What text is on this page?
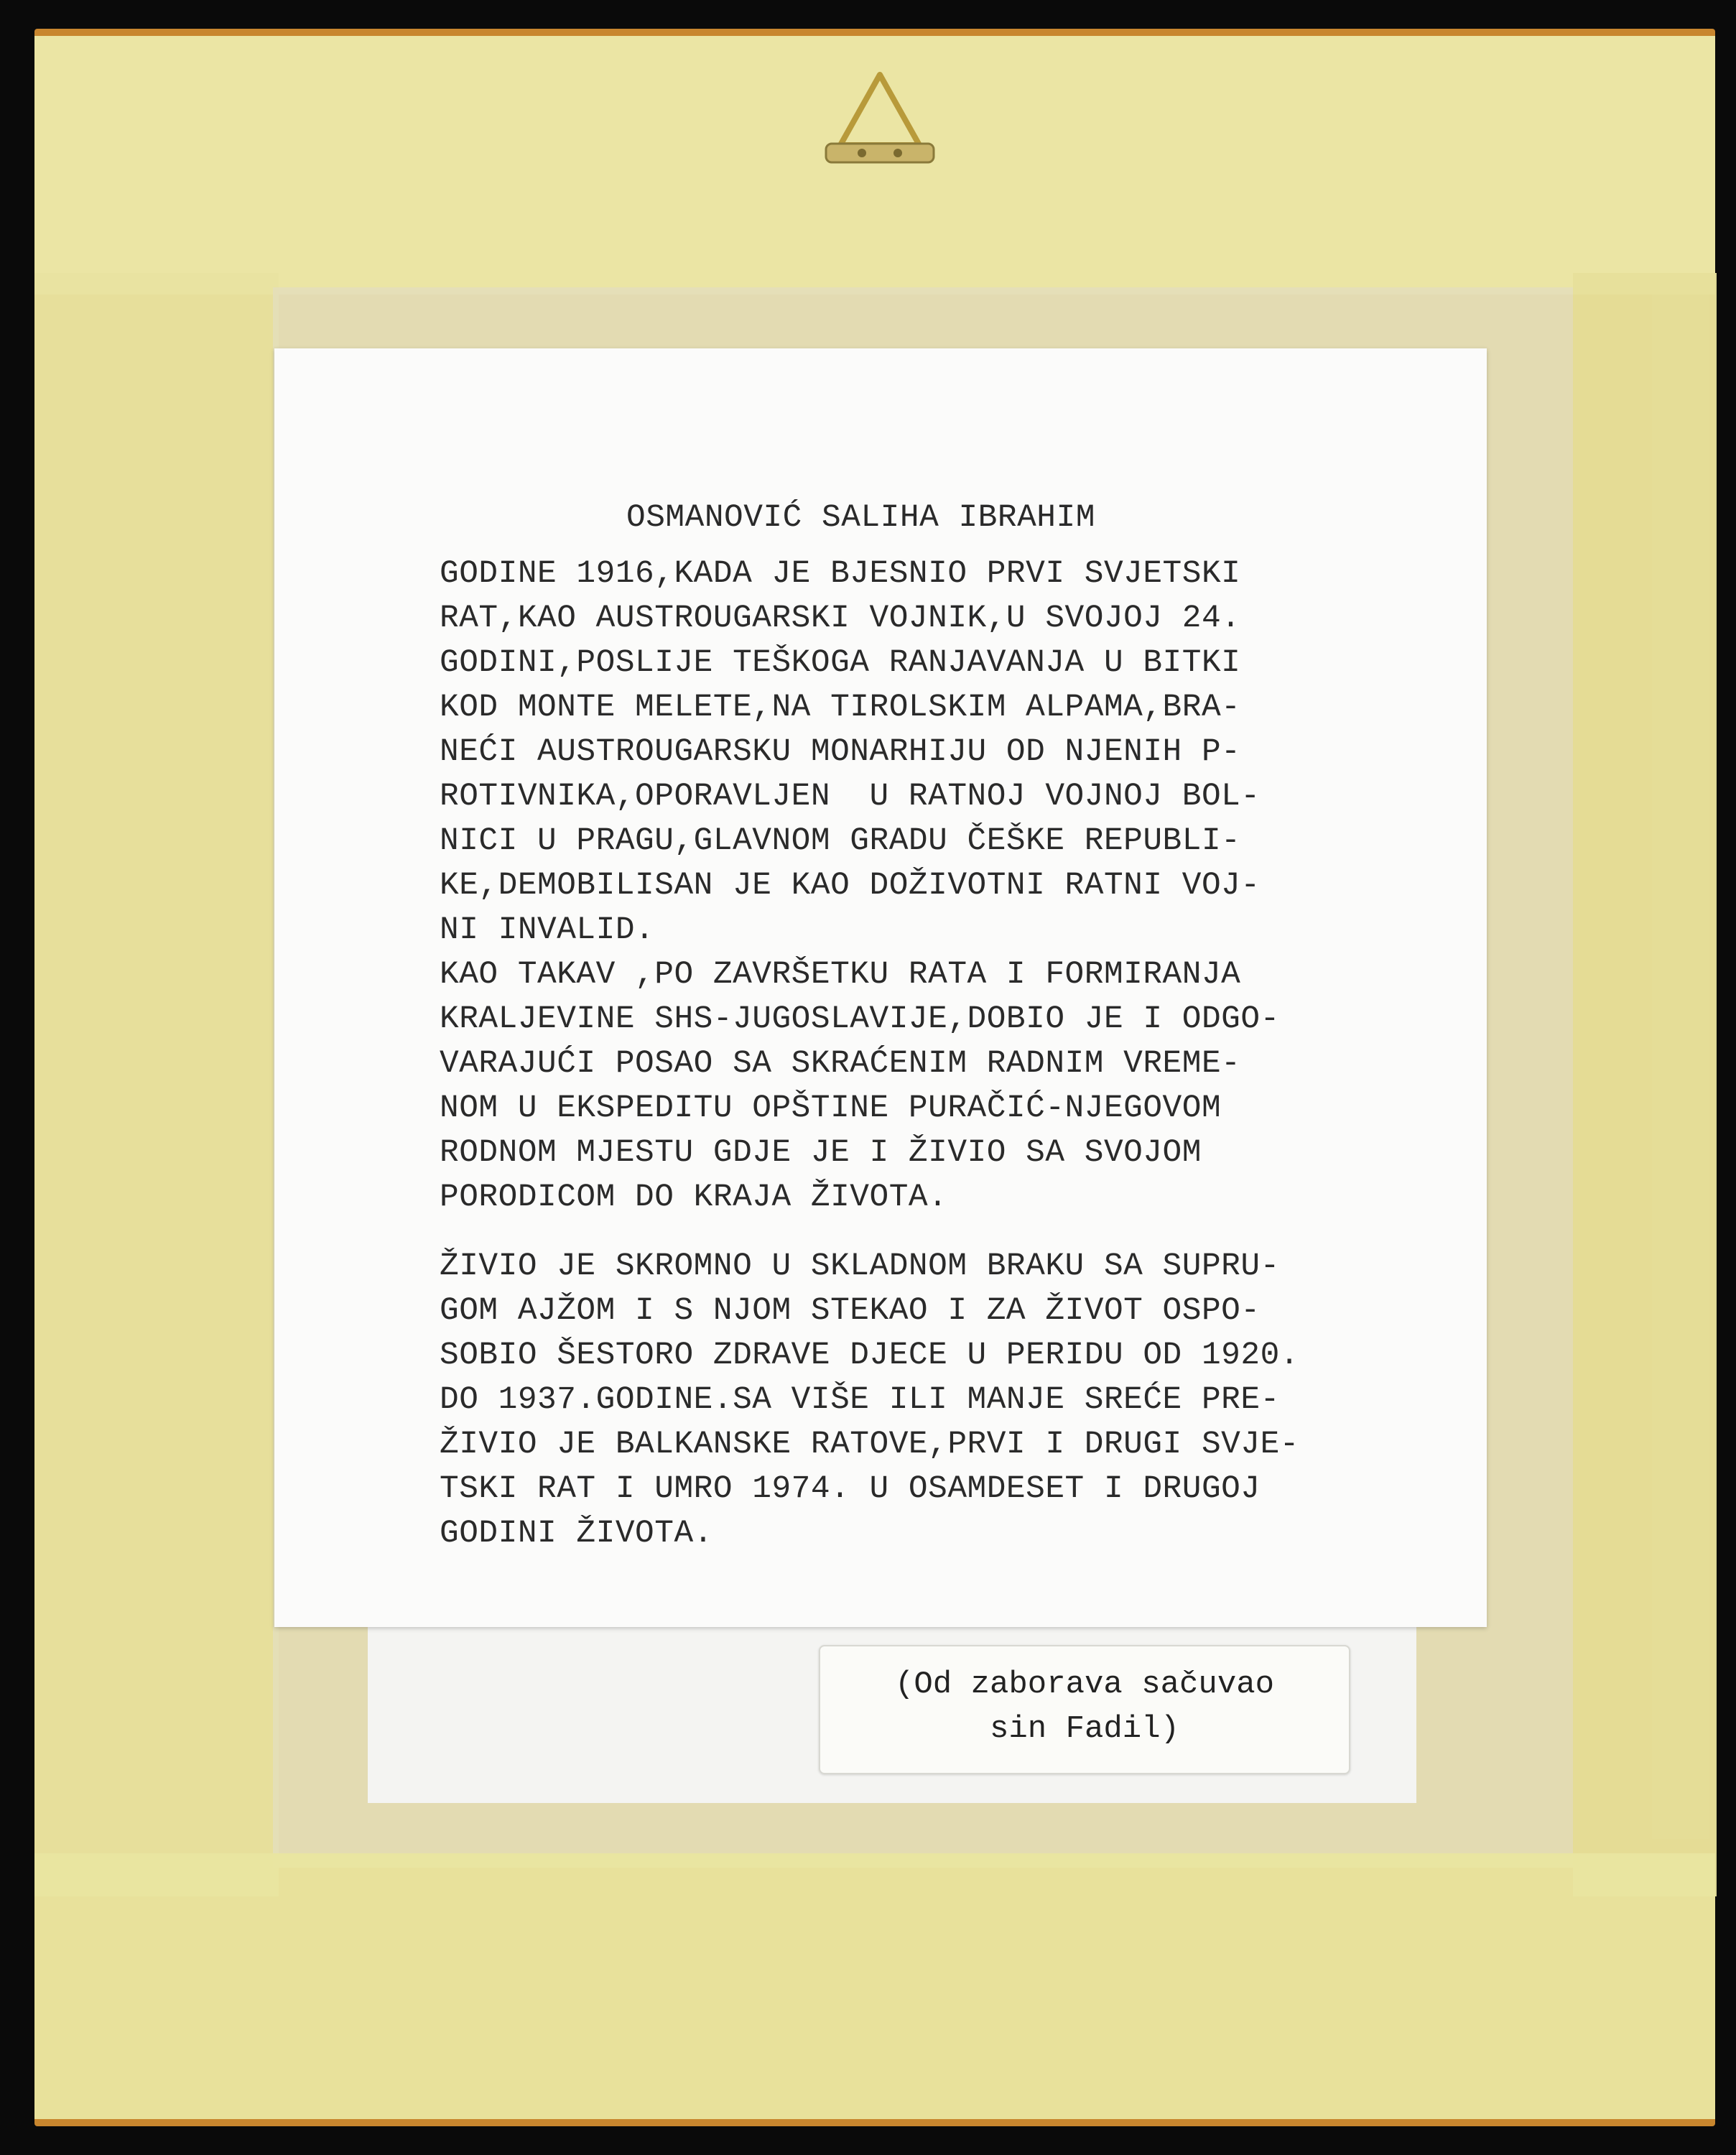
(Od zaborava sačuvao
sin Fadil)
OSMANOVIĆ SALIHA IBRAHIM
GODINE 1916,KADA JE BJESNIO PRVI SVJETSKI
RAT,KAO AUSTROUGARSKI VOJNIK,U SVOJOJ 24.
GODINI,POSLIJE TEŠKOGA RANJAVANJA U BITKI
KOD MONTE MELETE,NA TIROLSKIM ALPAMA,BRA-
NEĆI AUSTROUGARSKU MONARHIJU OD NJENIH P-
ROTIVNIKA,OPORAVLJEN  U RATNOJ VOJNOJ BOL-
NICI U PRAGU,GLAVNOM GRADU ČEŠKE REPUBLI-
KE,DEMOBILISAN JE KAO DOŽIVOTNI RATNI VOJ-
NI INVALID.
KAO TAKAV ,PO ZAVRŠETKU RATA I FORMIRANJA
KRALJEVINE SHS-JUGOSLAVIJE,DOBIO JE I ODGO-
VARAJUĆI POSAO SA SKRAĆENIM RADNIM VREME-
NOM U EKSPEDITU OPŠTINE PURAČIĆ-NJEGOVOM
RODNOM MJESTU GDJE JE I ŽIVIO SA SVOJOM
PORODICOM DO KRAJA ŽIVOTA.
ŽIVIO JE SKROMNO U SKLADNOM BRAKU SA SUPRU-
GOM AJŽOM I S NJOM STEKAO I ZA ŽIVOT OSPO-
SOBIO ŠESTORO ZDRAVE DJECE U PERIDU OD 1920.
DO 1937.GODINE.SA VIŠE ILI MANJE SREĆE PRE-
ŽIVIO JE BALKANSKE RATOVE,PRVI I DRUGI SVJE-
TSKI RAT I UMRO 1974. U OSAMDESET I DRUGOJ
GODINI ŽIVOTA.
